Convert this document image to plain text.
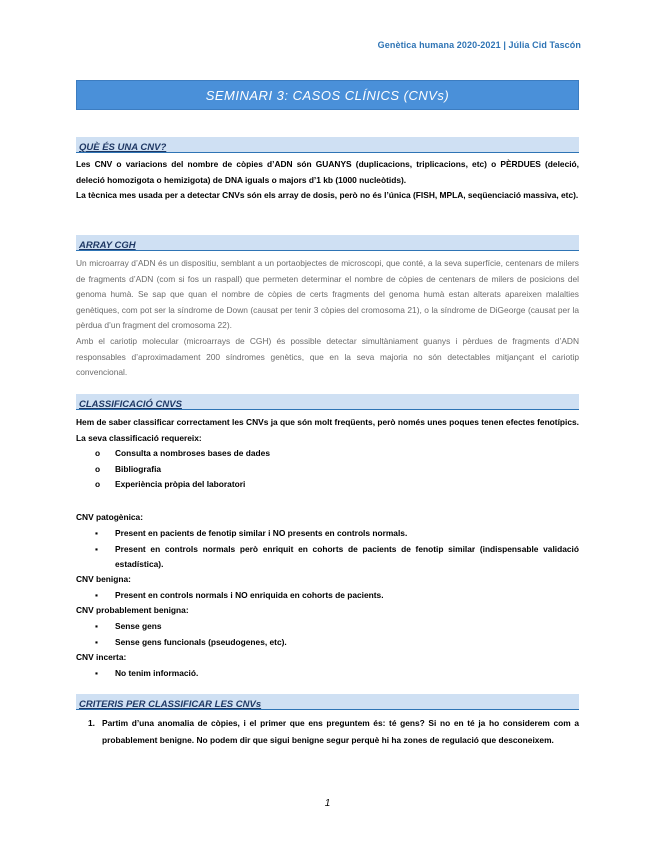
Genètica humana 2020-2021 | Júlia Cid Tascón
SEMINARI 3: CASOS CLÍNICS (CNVs)
QUÈ ÉS UNA CNV?
Les CNV o variacions del nombre de còpies d’ADN són GUANYS (duplicacions, triplicacions, etc) o PÈRDUES (deleció, deleció homozigota o hemizigota) de DNA iguals o majors d’1 kb (1000 nucleòtids).
La tècnica mes usada per a detectar CNVs són els array de dosis, però no és l’única (FISH, MPLA, seqüenciació massiva, etc).
ARRAY CGH
Un microarray d’ADN és un dispositiu, semblant a un portaobjectes de microscopi, que conté, a la seva superfície, centenars de milers de fragments d’ADN (com si fos un raspall) que permeten determinar el nombre de còpies de centenars de milers de posicions del genoma humà. Se sap que quan el nombre de còpies de certs fragments del genoma humà estan alterats apareixen malalties genètiques, com pot ser la síndrome de Down (causat per tenir 3 còpies del cromosoma 21), o la síndrome de DiGeorge (causat per la pèrdua d’un fragment del cromosoma 22).
Amb el cariotip molecular (microarrays de CGH) és possible detectar simultàniament guanys i pèrdues de fragments d’ADN responsables d’aproximadament 200 síndromes genètics, que en la seva majoria no són detectables mitjançant el cariotip convencional.
CLASSIFICACIÓ CNVS
Hem de saber classificar correctament les CNVs ja que són molt freqüents, però només unes poques tenen efectes fenotípics. La seva classificació requereix:
o Consulta a nombroses bases de dades
o Bibliografia
o Experiència pròpia del laboratori
CNV patogènica:
▪ Present en pacients de fenotip similar i NO presents en controls normals.
▪ Present en controls normals però enriquit en cohorts de pacients de fenotip similar (indispensable validació estadística).
CNV benigna:
▪ Present en controls normals i NO enriquida en cohorts de pacients.
CNV probablement benigna:
▪ Sense gens
▪ Sense gens funcionals (pseudogenes, etc).
CNV incerta:
▪ No tenim informació.
CRITERIS PER CLASSIFICAR LES CNVs
1. Partim d’una anomalia de còpies, i el primer que ens preguntem és: té gens? Si no en té ja ho considerem com a probablement benigne. No podem dir que sigui benigne segur perquè hi ha zones de regulació que desconeixem.
1
